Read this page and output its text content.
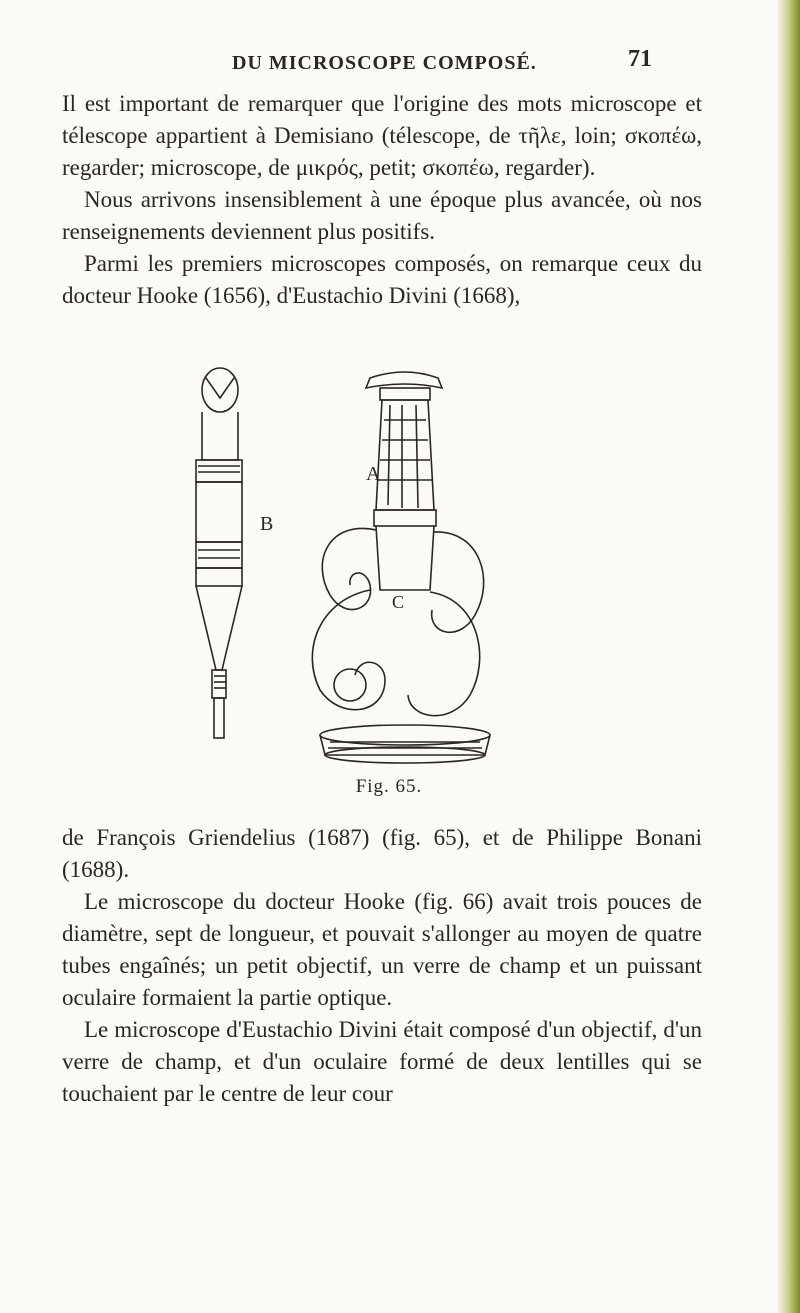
DU MICROSCOPE COMPOSÉ.	71

Il est important de remarquer que l'origine des mots microscope et télescope appartient à Demisiano (télescope, de τῆλε, loin; σκοπέω, regarder; microscope, de μικρός, petit; σκοπέω, regarder).

Nous arrivons insensiblement à une époque plus avancée, où nos renseignements deviennent plus positifs.

Parmi les premiers microscopes composés, on remarque ceux du docteur Hooke (1656), d'Eustachio Divini (1668),

A
B
C
Fig. 65.

de François Griendelius (1687) (fig. 65), et de Philippe Bonani (1688).

Le microscope du docteur Hooke (fig. 66) avait trois pouces de diamètre, sept de longueur, et pouvait s'allonger au moyen de quatre tubes engaînés; un petit objectif, un verre de champ et un puissant oculaire formaient la partie optique.

Le microscope d'Eustachio Divini était composé d'un objectif, d'un verre de champ, et d'un oculaire formé de deux lentilles qui se touchaient par le centre de leur cour
